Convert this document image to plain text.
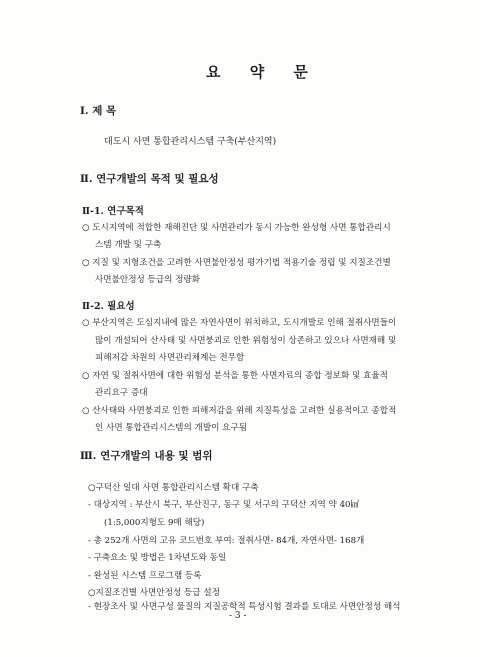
요 약 문
Ⅰ. 제 목
대도시 사면 통합관리시스템 구축(부산지역)
Ⅱ. 연구개발의 목적 및 필요성
Ⅱ-1. 연구목적
○ 도시지역에 적합한 재해진단 및 사면관리가 동시 가능한 완성형 사면 통합관리시
스템 개발 및 구축
○ 지질 및 지형조건을 고려한 사면불안정성 평가기법 적용기술 정립 및 지질조건별
사면불안정성 등급의 정량화
Ⅱ-2. 필요성
○ 부산지역은 도심지내에 많은 자연사면이 위치하고, 도시개발로 인해 절취사면들이
많이 개설되어 산사태 및 사면붕괴로 인한 위험성이 상존하고 있으나 사면재해 및
피해저감 차원의 사면관리체계는 전무함
○ 자연 및 절취사면에 대한 위험성 분석을 통한 사면자료의 종합 정보화 및 효율적
관리요구 증대
○ 산사태와 사면붕괴로 인한 피해저감을 위해 지질특성을 고려한 실용적이고 종합적
인 사면 통합관리시스템의 개발이 요구됨
Ⅲ. 연구개발의 내용 및 범위
○구덕산 일대 사면 통합관리시스템 확대 구축
- 대상지역 : 부산시 북구, 부산진구, 동구 및 서구의 구덕산 지역 약 40㎢
(1:5,000지형도 9매 해당)
- 총 252개 사면의 고유 코드번호 부여: 절취사면- 84개, 자연사면- 168개
- 구축요소 및 방법은 1차년도와 동일
- 완성된 시스템 프로그램 등록
○지질조건별 사면안정성 등급 설정
- 현장조사 및 사면구성 물질의 지질공학적 특성시험 결과를 토대로 사면안정성 해석
- 3 -
